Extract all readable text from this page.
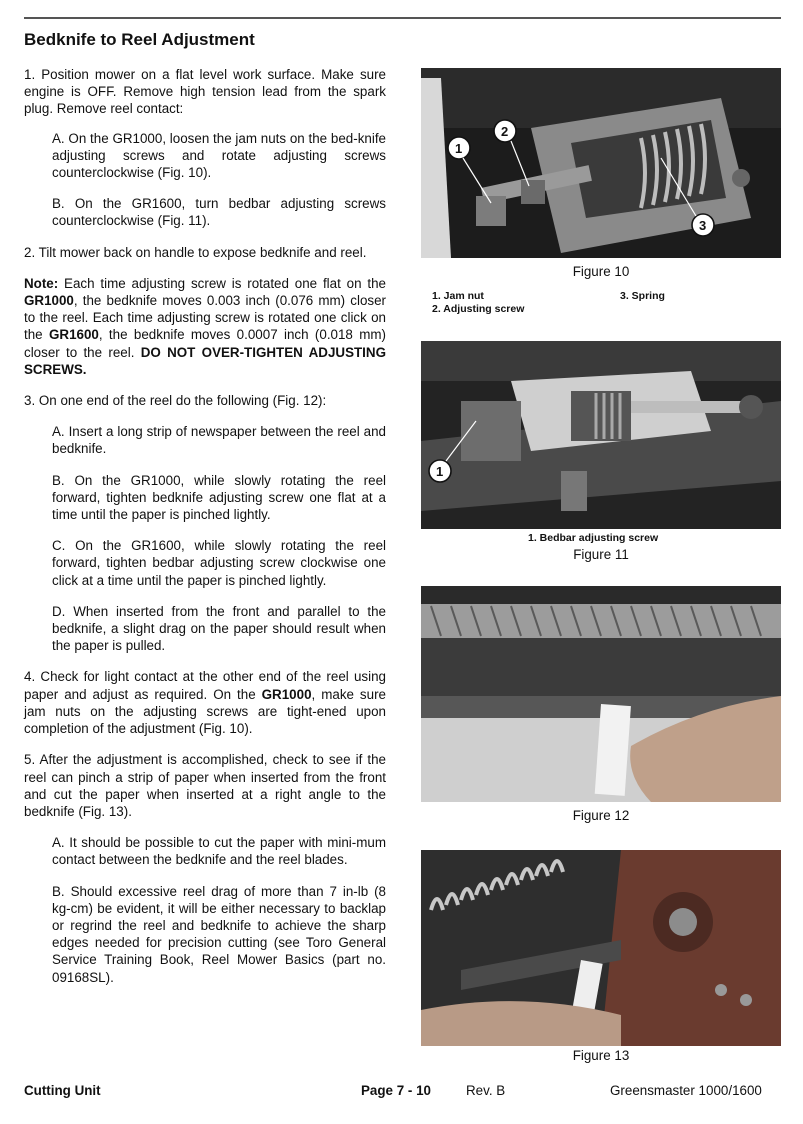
Bedknife to Reel Adjustment

1. Position mower on a flat level work surface. Make sure engine is OFF. Remove high tension lead from the spark plug. Remove reel contact:

A. On the GR1000, loosen the jam nuts on the bed-knife adjusting screws and rotate adjusting screws counterclockwise (Fig. 10).

B. On the GR1600, turn bedbar adjusting screws counterclockwise (Fig. 11).

2. Tilt mower back on handle to expose bedknife and reel.

Note: Each time adjusting screw is rotated one flat on the GR1000, the bedknife moves 0.003 inch (0.076 mm) closer to the reel. Each time adjusting screw is rotated one click on the GR1600, the bedknife moves 0.0007 inch (0.018 mm) closer to the reel. DO NOT OVER-TIGHTEN ADJUSTING SCREWS.

3. On one end of the reel do the following (Fig. 12):

A. Insert a long strip of newspaper between the reel and bedknife.

B. On the GR1000, while slowly rotating the reel forward, tighten bedknife adjusting screw one flat at a time until the paper is pinched lightly.

C. On the GR1600, while slowly rotating the reel forward, tighten bedbar adjusting screw clockwise one click at a time until the paper is pinched lightly.

D. When inserted from the front and parallel to the bedknife, a slight drag on the paper should result when the paper is pulled.

4. Check for light contact at the other end of the reel using paper and adjust as required. On the GR1000, make sure jam nuts on the adjusting screws are tight-ened upon completion of the adjustment (Fig. 10).

5. After the adjustment is accomplished, check to see if the reel can pinch a strip of paper when inserted from the front and cut the paper when inserted at a right angle to the bedknife (Fig. 13).

A. It should be possible to cut the paper with mini-mum contact between the bedknife and the reel blades.

B. Should excessive reel drag of more than 7 in-lb (8 kg-cm) be evident, it will be either necessary to backlap or regrind the reel and bedknife to achieve the sharp edges needed for precision cutting (see Toro General Service Training Book, Reel Mower Basics (part no. 09168SL).

1
2
3
Figure 10
1. Jam nut
2. Adjusting screw
3. Spring
1
1. Bedbar adjusting screw
Figure 11
Figure 12
Figure 13
Cutting Unit	Page 7 - 10	Rev. B	Greensmaster 1000/1600
